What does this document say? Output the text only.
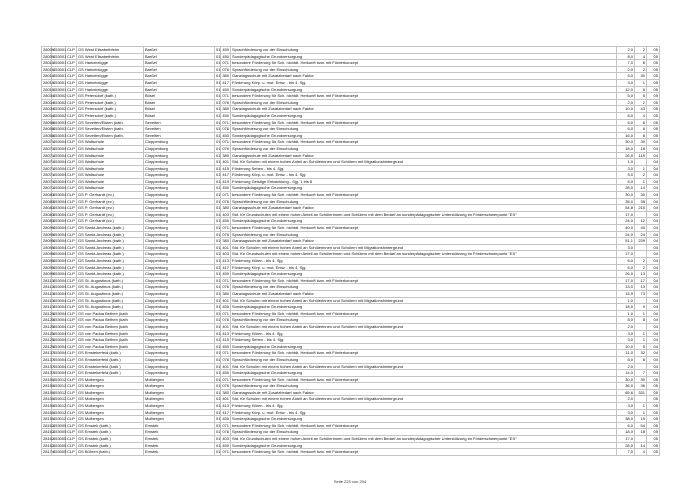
28009	453001	CLP	GS West Elisabethfehn	Barßel	01	450	Sprachförderung vor der Einschulung	2,0	2	05
28009	453001	CLP	GS West Elisabethfehn	Barßel	01	450	Sonderpädagogische Grundversorgung	8,0	4	05
28010	453001	CLP	GS Harkebrügge	Barßel	01	071	besondere Förderung für Sch. nichtdt. Herkunft bzw. mit Förderkonzept	7,0	8	05
28010	453001	CLP	GS Harkebrügge	Barßel	01	076	Sprachförderung vor der Einschulung	2,0	2	05
28010	453001	CLP	GS Harkebrügge	Barßel	01	380	Ganztagsschule mit Zusatzbedarf nach Faktor	5,0	30	05
28010	453001	CLP	GS Harkebrügge	Barßel	01	417	Förderung Körp. u. mot. Entw. - bis 4. Sjg.	3,0	1	05
28010	453001	CLP	GS Harkebrügge	Barßel	01	450	Sonderpädagogische Grundversorgung	12,0	6	05
28034	453002	CLP	GS Petersdorf (kath.)	Bösel	01	071	besondere Förderung für Sch. nichtdt. Herkunft bzw. mit Förderkonzept	5,0	5	05
28034	453002	CLP	GS Petersdorf (kath.)	Bösel	01	076	Sprachförderung vor der Einschulung	2,0	2	05
28034	453002	CLP	GS Petersdorf (kath.)	Bösel	01	380	Ganztagsschule mit Zusatzbedarf nach Faktor	10,0	43	05
28034	453002	CLP	GS Petersdorf (kath.)	Bösel	01	450	Sonderpädagogische Grundversorgung	8,0	4	05
28058	453003	CLP	GS Sevelten/Elsten (kath.	Sevelten	01	071	besondere Förderung für Sch. nichtdt. Herkunft bzw. mit Förderkonzept	6,0	6	05
28058	453003	CLP	GS Sevelten/Elsten (kath.	Sevelten	01	076	Sprachförderung vor der Einschulung	6,0	6	05
28058	453003	CLP	GS Sevelten/Elsten (kath.	Sevelten	01	450	Sonderpädagogische Grundversorgung	16,0	8	05
28071	453004	CLP	GS Wallschule	Cloppenburg	01	071	besondere Förderung für Sch. nichtdt. Herkunft bzw. mit Förderkonzept	30,0	30	04
28071	453004	CLP	GS Wallschule	Cloppenburg	01	076	Sprachförderung vor der Einschulung	18,0	18	04
28071	453004	CLP	GS Wallschule	Cloppenburg	01	380	Ganztagsschule mit Zusatzbedarf nach Faktor	26,9	115	04
28071	453004	CLP	GS Wallschule	Cloppenburg	01	401	Std. für Schulen mit einem hohen Anteil an Schülerinnen und Schülern mit Migrationshintergrund	1,0		04
28071	453004	CLP	GS Wallschule	Cloppenburg	01	415	Förderung Sehen - bis 4. Sjg.	3,0	1	04
28071	453004	CLP	GS Wallschule	Cloppenburg	01	417	Förderung Körp. u. mot. Entw. - bis 4. Sjg.	5,0	2	04
28071	453004	CLP	GS Wallschule	Cloppenburg	01	419	Förderung Geistige Entwicklung - Sjg. 1 bis 8	5,0	1	04
28071	453004	CLP	GS Wallschule	Cloppenburg	01	450	Sonderpädagogische Grundversorgung	28,0	14	04
28083	453004	CLP	GS P. Gerhardt (ev.)	Cloppenburg	01	071	besondere Förderung für Sch. nichtdt. Herkunft bzw. mit Förderkonzept	30,0	30	04
28083	453004	CLP	GS P. Gerhardt (ev.)	Cloppenburg	01	076	Sprachförderung vor der Einschulung	35,0	35	04
28083	453004	CLP	GS P. Gerhardt (ev.)	Cloppenburg	01	380	Ganztagsschule mit Zusatzbedarf nach Faktor	54,8	210	04
28083	453004	CLP	GS P. Gerhardt (ev.)	Cloppenburg	01	403	Std. für Grundschulen mit einem hohen Anteil an Schülerinnen und Schülern mit dem Bedarf an sonderpädagogischer Unterstützung im Förderschwerpunkt "ES"	17,0		04
28083	453004	CLP	GS P. Gerhardt (ev.)	Cloppenburg	01	450	Sonderpädagogische Grundversorgung	24,0	12	04
28095	453004	CLP	GS Sankt-Andreas (kath.)	Cloppenburg	01	071	besondere Förderung für Sch. nichtdt. Herkunft bzw. mit Förderkonzept	40,0	40	04
28095	453004	CLP	GS Sankt-Andreas (kath.)	Cloppenburg	01	076	Sprachförderung vor der Einschulung	24,0	24	04
28095	453004	CLP	GS Sankt-Andreas (kath.)	Cloppenburg	01	380	Ganztagsschule mit Zusatzbedarf nach Faktor	51,1	239	04
28095	453004	CLP	GS Sankt-Andreas (kath.)	Cloppenburg	01	401	Std. für Schulen mit einem hohen Anteil an Schülerinnen und Schülern mit Migrationshintergrund	3,0		04
28095	453004	CLP	GS Sankt-Andreas (kath.)	Cloppenburg	01	403	Std. für Grundschulen mit einem hohen Anteil an Schülerinnen und Schülern mit dem Bedarf an sonderpädagogischer Unterstützung im Förderschwerpunkt "ES"	17,0		04
28095	453004	CLP	GS Sankt-Andreas (kath.)	Cloppenburg	01	413	Förderung Hören - bis 4. Sjg.	6,0	2	04
28095	453004	CLP	GS Sankt-Andreas (kath.)	Cloppenburg	01	417	Förderung Körp. u. mot. Entw. - bis 4. Sjg.	6,0	2	04
28095	453004	CLP	GS Sankt-Andreas (kath.)	Cloppenburg	01	450	Sonderpädagogische Grundversorgung	26,0	13	04
28113	453004	CLP	GS St. Augustinus (kath.)	Cloppenburg	01	071	besondere Förderung für Sch. nichtdt. Herkunft bzw. mit Förderkonzept	17,0	17	04
28113	453004	CLP	GS St. Augustinus (kath.)	Cloppenburg	01	076	Sprachförderung vor der Einschulung	13,0	13	04
28113	453004	CLP	GS St. Augustinus (kath.)	Cloppenburg	01	380	Ganztagsschule mit Zusatzbedarf nach Faktor	15,9	73	04
28113	453004	CLP	GS St. Augustinus (kath.)	Cloppenburg	01	401	Std. für Schulen mit einem hohen Anteil an Schülerinnen und Schülern mit Migrationshintergrund	1,0		04
28113	453004	CLP	GS St. Augustinus (kath.)	Cloppenburg	01	450	Sonderpädagogische Grundversorgung	18,0	9	04
28125	453004	CLP	GS von Padua Bethen (kath	Cloppenburg	01	071	besondere Förderung für Sch. nichtdt. Herkunft bzw. mit Förderkonzept	1,0	1	04
28125	453004	CLP	GS von Padua Bethen (kath	Cloppenburg	01	076	Sprachförderung vor der Einschulung	8,0	8	04
28125	453004	CLP	GS von Padua Bethen (kath	Cloppenburg	01	401	Std. für Schulen mit einem hohen Anteil an Schülerinnen und Schülern mit Migrationshintergrund	2,0		04
28125	453004	CLP	GS von Padua Bethen (kath	Cloppenburg	01	413	Förderung Hören - bis 4. Sjg.	3,0	1	04
28125	453004	CLP	GS von Padua Bethen (kath	Cloppenburg	01	415	Förderung Sehen - bis 4. Sjg.	3,0	1	04
28125	453004	CLP	GS von Padua Bethen (kath	Cloppenburg	01	450	Sonderpädagogische Grundversorgung	10,0	5	04
28137	453004	CLP	GS Emstekerfeld (kath.)	Cloppenburg	01	071	besondere Förderung für Sch. nichtdt. Herkunft bzw. mit Förderkonzept	11,0	32	04
28137	453004	CLP	GS Emstekerfeld (kath.)	Cloppenburg	01	076	Sprachförderung vor der Einschulung	8,0	8	04
28137	453004	CLP	GS Emstekerfeld (kath.)	Cloppenburg	01	401	Std. für Schulen mit einem hohen Anteil an Schülerinnen und Schülern mit Migrationshintergrund	2,0		04
28137	453004	CLP	GS Emstekerfeld (kath.)	Cloppenburg	01	450	Sonderpädagogische Grundversorgung	14,0	7	04
28150	453012	CLP	GS Molbergen	Molbergen	01	071	besondere Förderung für Sch. nichtdt. Herkunft bzw. mit Förderkonzept	30,0	30	05
28150	453012	CLP	GS Molbergen	Molbergen	01	076	Sprachförderung vor der Einschulung	36,0	36	05
28150	453012	CLP	GS Molbergen	Molbergen	01	380	Ganztagsschule mit Zusatzbedarf nach Faktor	65,6	331	05
28150	453012	CLP	GS Molbergen	Molbergen	01	401	Std. für Schulen mit einem hohen Anteil an Schülerinnen und Schülern mit Migrationshintergrund	2,0		05
28150	453012	CLP	GS Molbergen	Molbergen	01	413	Förderung Hören - bis 4. Sjg.	3,0	1	05
28150	453012	CLP	GS Molbergen	Molbergen	01	417	Förderung Körp. u. mot. Entw. - bis 4. Sjg.	3,0	1	05
28150	453012	CLP	GS Molbergen	Molbergen	01	450	Sonderpädagogische Grundversorgung	38,0	19	05
28162	453005	CLP	GS Emstek (kath.)	Emstek	01	071	besondere Förderung für Sch. nichtdt. Herkunft bzw. mit Förderkonzept	6,0	54	05
28162	453005	CLP	GS Emstek (kath.)	Emstek	01	076	Sprachförderung vor der Einschulung	18,0	18	05
28162	453005	CLP	GS Emstek (kath.)	Emstek	01	403	Std. für Grundschulen mit einem hohen Anteil an Schülerinnen und Schülern mit dem Bedarf an sonderpädagogischer Unterstützung im Förderschwerpunkt "ES"	17,0		05
28162	453005	CLP	GS Emstek (kath.)	Emstek	01	450	Sonderpädagogische Grundversorgung	28,0	14	05
28174	453005	CLP	GS Bühren (kath.)	Emstek	01	071	besondere Förderung für Sch. nichtdt. Herkunft bzw. mit Förderkonzept	7,0	4	05
Seite 223 von 294
